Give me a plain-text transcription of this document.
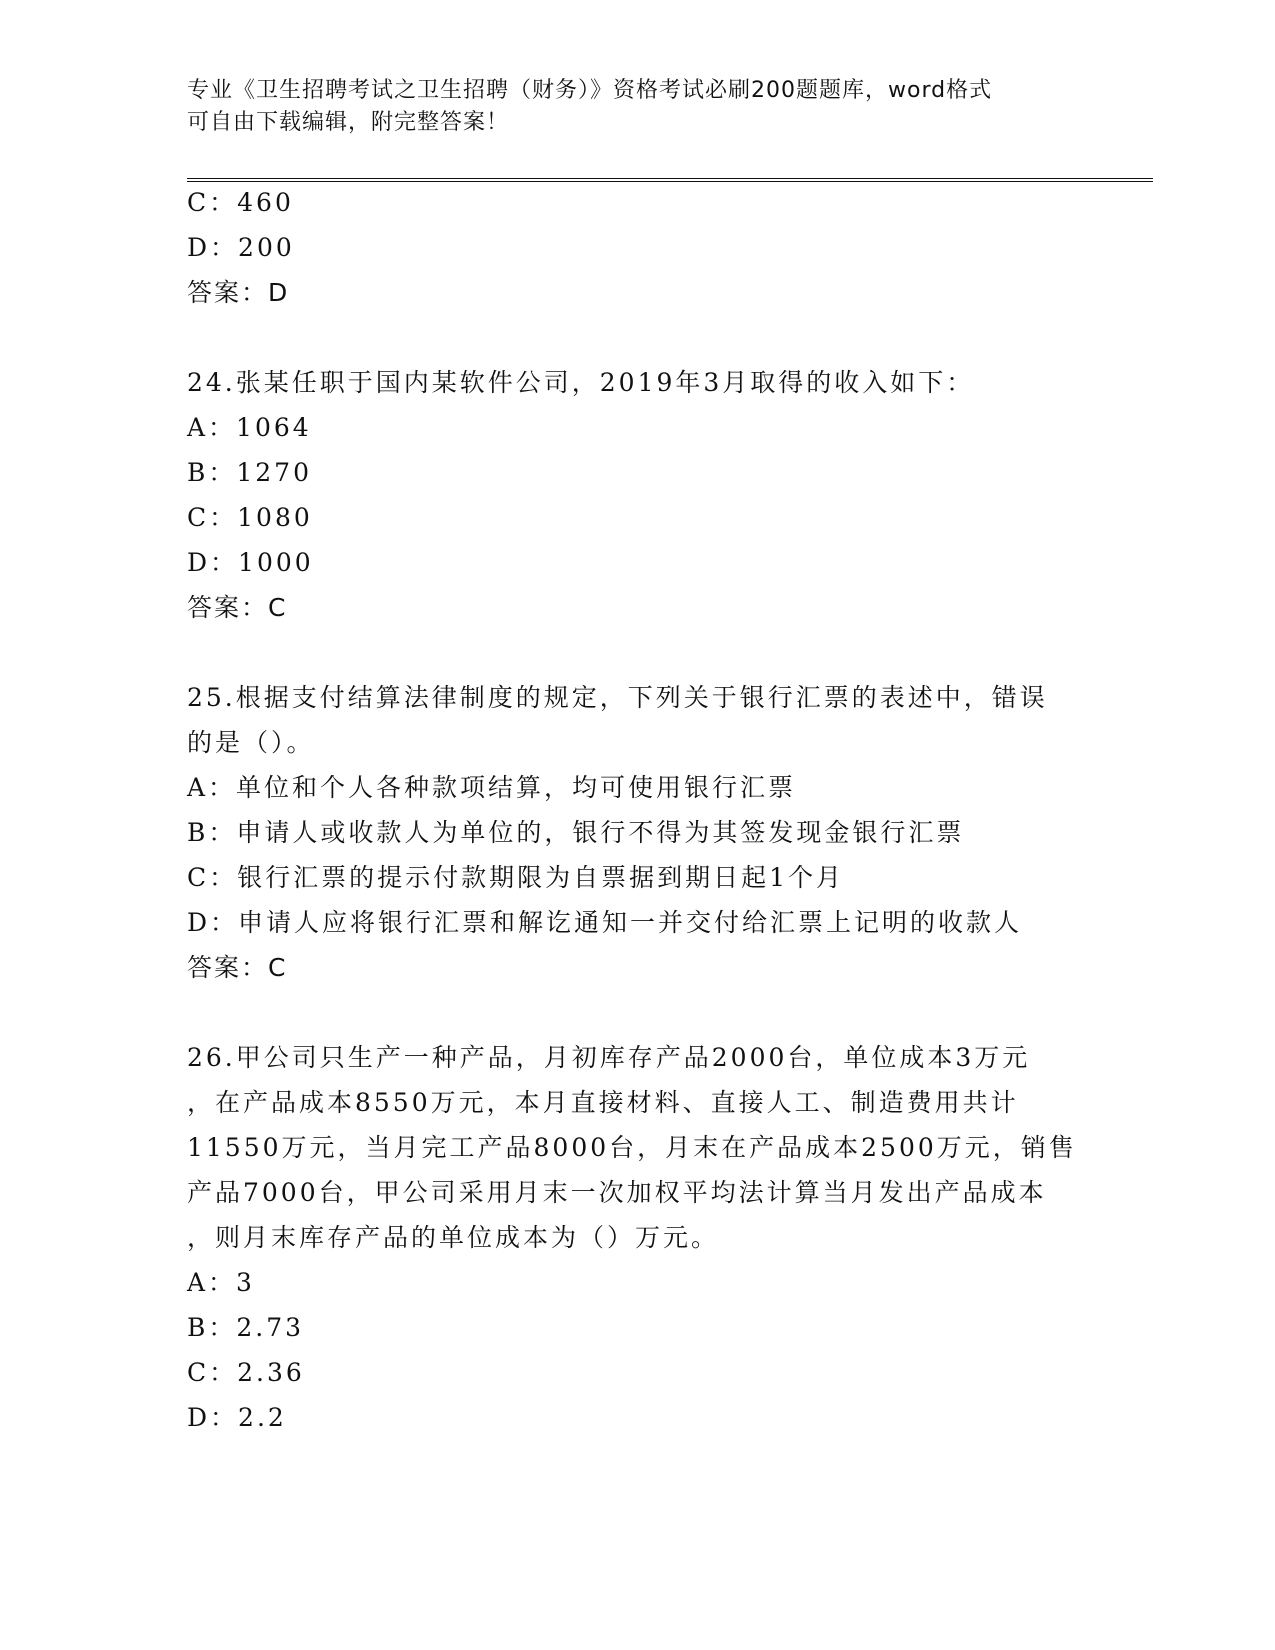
专业《卫生招聘考试之卫生招聘（财务）》资格考试必刷200题题库，word格式
可自由下载编辑，附完整答案！

C：460

D：200

答案：D

24.张某任职于国内某软件公司，2019年3月取得的收入如下：

A：1064

B：1270

C：1080

D：1000

答案：C

25.根据支付结算法律制度的规定，下列关于银行汇票的表述中，错误

的是（）。

A：单位和个人各种款项结算，均可使用银行汇票

B：申请人或收款人为单位的，银行不得为其签发现金银行汇票

C：银行汇票的提示付款期限为自票据到期日起1个月

D：申请人应将银行汇票和解讫通知一并交付给汇票上记明的收款人

答案：C

26.甲公司只生产一种产品，月初库存产品2000台，单位成本3万元

，在产品成本8550万元，本月直接材料、直接人工、制造费用共计

11550万元，当月完工产品8000台，月末在产品成本2500万元，销售

产品7000台，甲公司采用月末一次加权平均法计算当月发出产品成本

，则月末库存产品的单位成本为（）万元。

A：3

B：2.73

C：2.36

D：2.2
